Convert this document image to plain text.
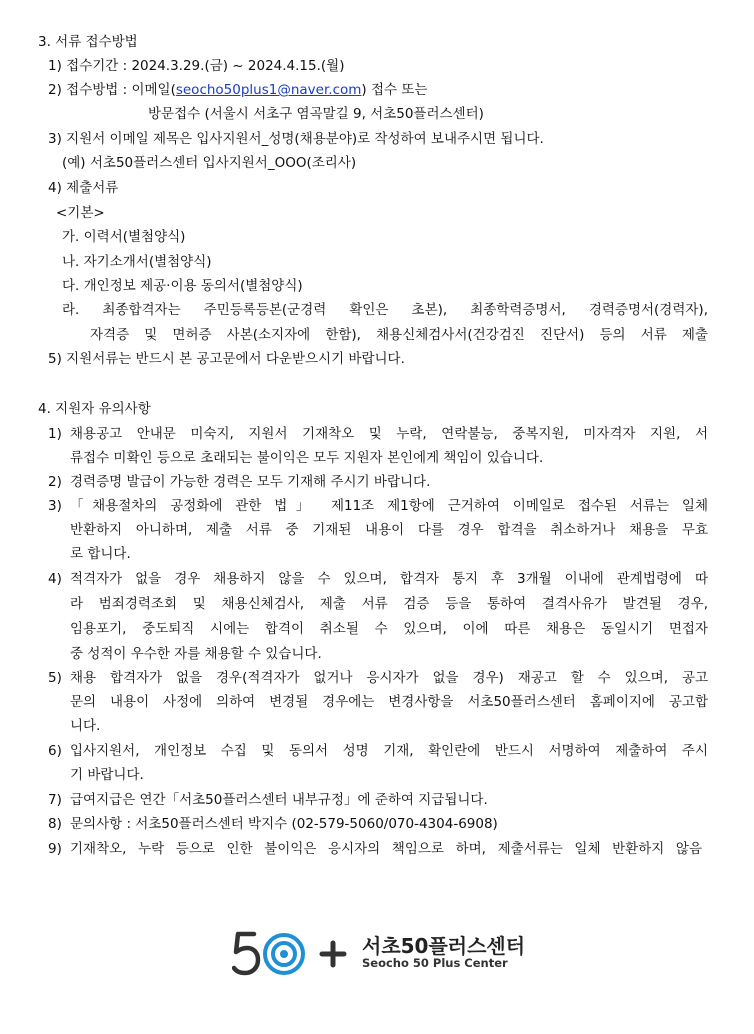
3. 서류 접수방법
1) 접수기간 : 2024.3.29.(금) ~ 2024.4.15.(월)
2) 접수방법 : 이메일(seocho50plus1@naver.com) 접수 또는
방문접수 (서울시 서초구 염곡말길 9, 서초50플러스센터)
3) 지원서 이메일 제목은 입사지원서_성명(채용분야)로 작성하여 보내주시면 됩니다.
(예) 서초50플러스센터 입사지원서_OOO(조리사)
4) 제출서류
<기본>
가. 이력서(별첨양식)
나. 자기소개서(별첨양식)
다. 개인정보 제공·이용 동의서(별첨양식)
라. 최종합격자는 주민등록등본(군경력 확인은 초본), 최종학력증명서, 경력증명서(경력자),
자격증 및 면허증 사본(소지자에 한함), 채용신체검사서(건강검진 진단서) 등의 서류 제출
5) 지원서류는 반드시 본 공고문에서 다운받으시기 바랍니다.
4. 지원자 유의사항
1) 채용공고 안내문 미숙지, 지원서 기재착오 및 누락, 연락불능, 중복지원, 미자격자 지원, 서
류접수 미확인 등으로 초래되는 불이익은 모두 지원자 본인에게 책임이 있습니다.
2) 경력증명 발급이 가능한 경력은 모두 기재해 주시기 바랍니다.
3) 「채용절차의 공정화에 관한 법」 제11조 제1항에 근거하여 이메일로 접수된 서류는 일체
반환하지 아니하며, 제출 서류 중 기재된 내용이 다를 경우 합격을 취소하거나 채용을 무효
로 합니다.
4) 적격자가 없을 경우 채용하지 않을 수 있으며, 합격자 통지 후 3개월 이내에 관계법령에 따
라 범죄경력조회 및 채용신체검사, 제출 서류 검증 등을 통하여 결격사유가 발견될 경우,
임용포기, 중도퇴직 시에는 합격이 취소될 수 있으며, 이에 따른 채용은 동일시기 면접자
중 성적이 우수한 자를 채용할 수 있습니다.
5) 채용 합격자가 없을 경우(적격자가 없거나 응시자가 없을 경우) 재공고 할 수 있으며, 공고
문의 내용이 사정에 의하여 변경될 경우에는 변경사항을 서초50플러스센터 홈페이지에 공고합
니다.
6) 입사지원서, 개인정보 수집 및 동의서 성명 기재, 확인란에 반드시 서명하여 제출하여 주시
기 바랍니다.
7) 급여지급은 연간「서초50플러스센터 내부규정」에 준하여 지급됩니다.
8) 문의사항 : 서초50플러스센터 박지수 (02-579-5060/070-4304-6908)
9) 기재착오, 누락 등으로 인한 불이익은 응시자의 책임으로 하며, 제출서류는 일체 반환하지 않음
서초50플러스센터
Seocho 50 Plus Center
